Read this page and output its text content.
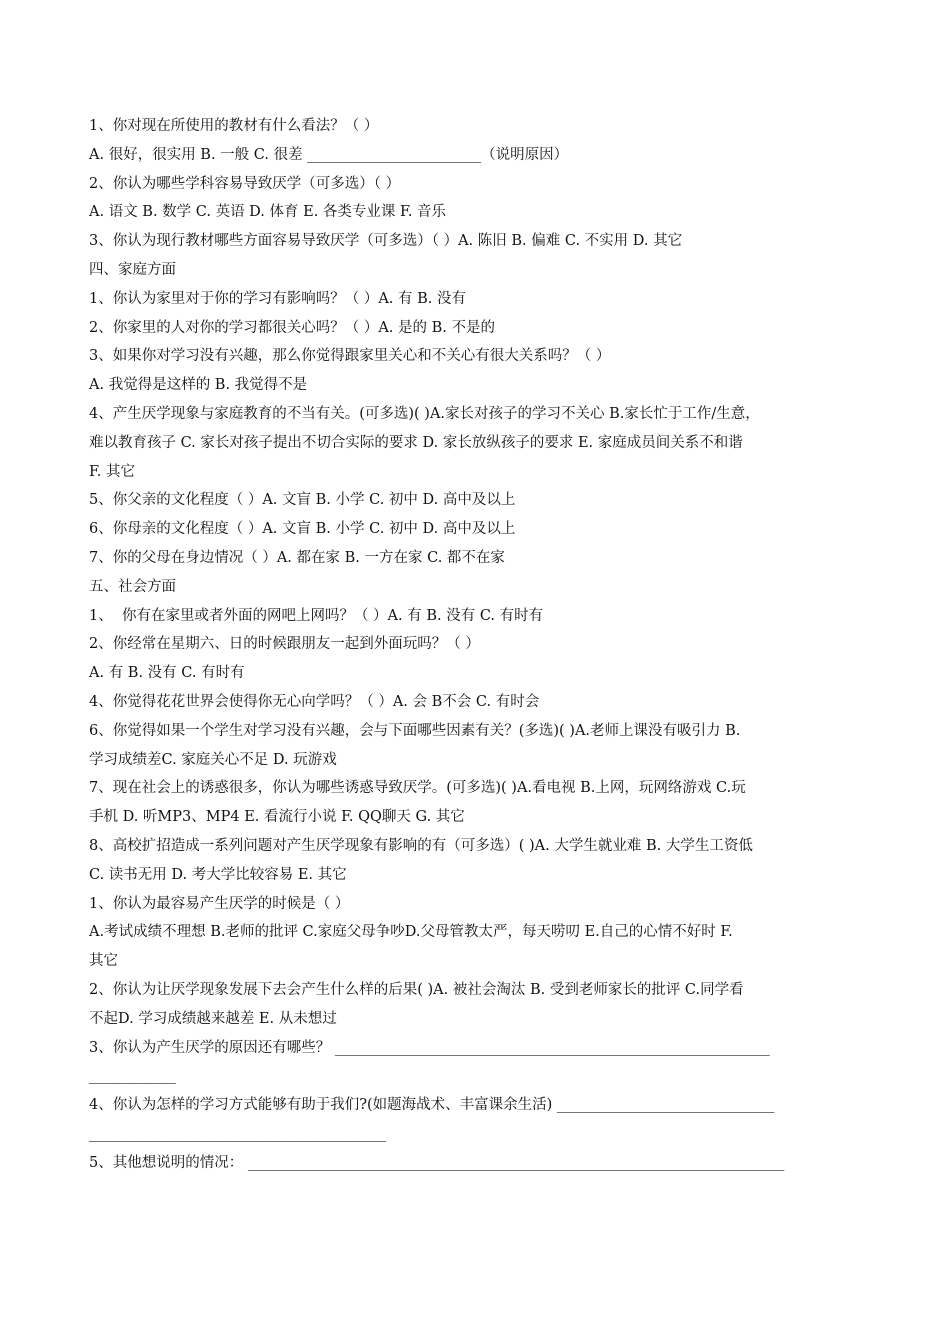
1、你对现在所使用的教材有什么看法？（ ）
A. 很好，很实用 B. 一般 C. 很差 ________________________（说明原因）
2、你认为哪些学科容易导致厌学（可多选）（ ）
A. 语文 B. 数学 C. 英语 D. 体育 E. 各类专业课 F. 音乐
3、你认为现行教材哪些方面容易导致厌学（可多选）（ ）A. 陈旧 B. 偏难 C. 不实用 D. 其它
四、家庭方面
1、你认为家里对于你的学习有影响吗？（ ）A. 有 B. 没有
2、你家里的人对你的学习都很关心吗？（ ）A. 是的 B. 不是的
3、如果你对学习没有兴趣，那么你觉得跟家里关心和不关心有很大关系吗？（ ）
A. 我觉得是这样的 B. 我觉得不是
4、产生厌学现象与家庭教育的不当有关。(可多选)( )A.家长对孩子的学习不关心 B.家长忙于工作/生意，
难以教育孩子 C. 家长对孩子提出不切合实际的要求 D. 家长放纵孩子的要求 E. 家庭成员间关系不和谐
F. 其它
5、你父亲的文化程度（ ）A. 文盲 B. 小学 C. 初中 D. 高中及以上
6、你母亲的文化程度（ ）A. 文盲 B. 小学 C. 初中 D. 高中及以上
7、你的父母在身边情况（ ）A. 都在家 B. 一方在家 C. 都不在家
五、社会方面
1、  你有在家里或者外面的网吧上网吗？（ ）A. 有 B. 没有 C. 有时有
2、你经常在星期六、日的时候跟朋友一起到外面玩吗？（ ）
A. 有 B. 没有 C. 有时有
4、你觉得花花世界会使得你无心向学吗？（ ）A. 会 B不会 C. 有时会
6、你觉得如果一个学生对学习没有兴趣，会与下面哪些因素有关？(多选)( )A.老师上课没有吸引力 B.
学习成绩差C. 家庭关心不足 D. 玩游戏
7、现在社会上的诱惑很多，你认为哪些诱惑导致厌学。(可多选)( )A.看电视 B.上网，玩网络游戏 C.玩
手机 D. 听MP3、MP4 E. 看流行小说 F. QQ聊天 G. 其它
8、高校扩招造成一系列问题对产生厌学现象有影响的有（可多选）( )A. 大学生就业难 B. 大学生工资低
C. 读书无用 D. 考大学比较容易 E. 其它
1、你认为最容易产生厌学的时候是（ ）
A.考试成绩不理想 B.老师的批评 C.家庭父母争吵D.父母管教太严，每天唠叨 E.自己的心情不好时 F.
其它
2、你认为让厌学现象发展下去会产生什么样的后果( )A. 被社会淘汰 B. 受到老师家长的批评 C.同学看
不起D. 学习成绩越来越差 E. 从未想过
3、你认为产生厌学的原因还有哪些？ ____________________________________________________________
____________
4、你认为怎样的学习方式能够有助于我们?(如题海战术、丰富课余生活) ______________________________
_________________________________________
5、其他想说明的情况： __________________________________________________________________________
